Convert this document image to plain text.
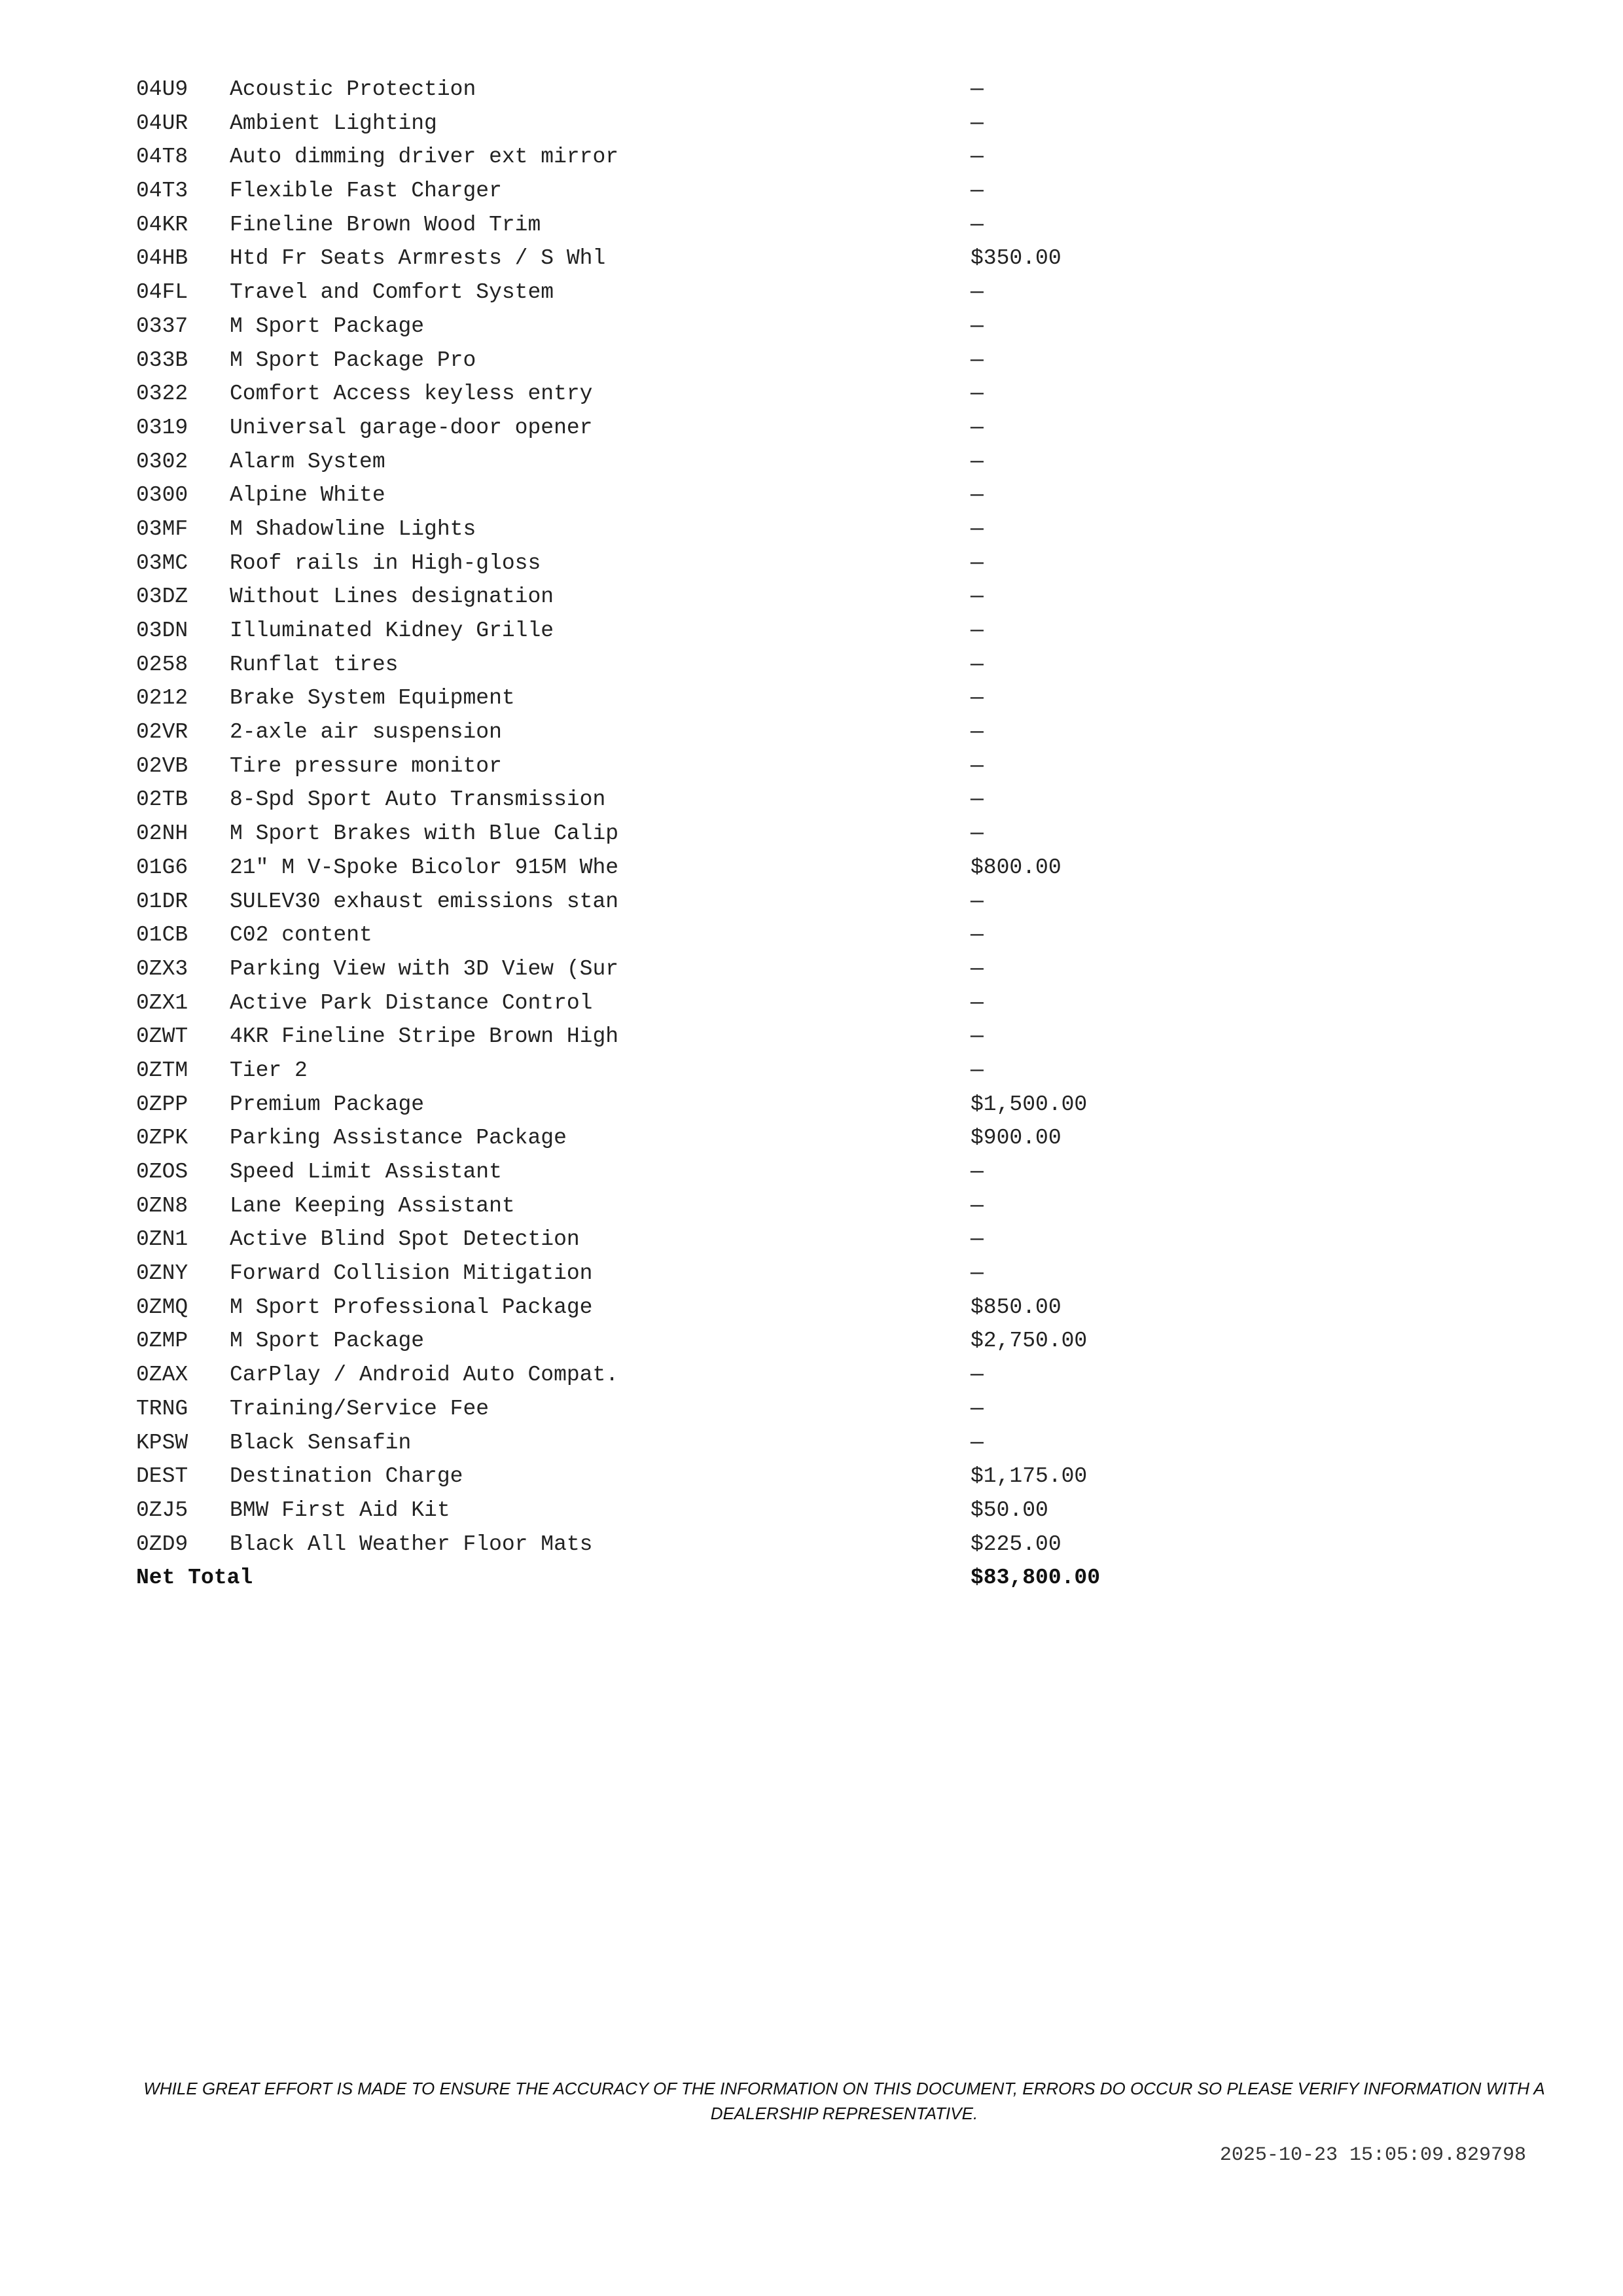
04U9 Acoustic Protection	—
04UR Ambient Lighting	—
04T8 Auto dimming driver ext mirror	—
04T3 Flexible Fast Charger	—
04KR Fineline Brown Wood Trim	—
04HB Htd Fr Seats Armrests / S Whl	$350.00
04FL Travel and Comfort System	—
0337 M Sport Package	—
033B M Sport Package Pro	—
0322 Comfort Access keyless entry	—
0319 Universal garage-door opener	—
0302 Alarm System	—
0300 Alpine White	—
03MF M Shadowline Lights	—
03MC Roof rails in High-gloss	—
03DZ Without Lines designation	—
03DN Illuminated Kidney Grille	—
0258 Runflat tires	—
0212 Brake System Equipment	—
02VR 2-axle air suspension	—
02VB Tire pressure monitor	—
02TB 8-Spd Sport Auto Transmission	—
02NH M Sport Brakes with Blue Calip	—
01G6 21" M V-Spoke Bicolor 915M Whe	$800.00
01DR SULEV30 exhaust emissions stan	—
01CB C02 content	—
0ZX3 Parking View with 3D View (Sur	—
0ZX1 Active Park Distance Control	—
0ZWT 4KR Fineline Stripe Brown High	—
0ZTM Tier 2	—
0ZPP Premium Package	$1,500.00
0ZPK Parking Assistance Package	$900.00
0ZOS Speed Limit Assistant	—
0ZN8 Lane Keeping Assistant	—
0ZN1 Active Blind Spot Detection	—
0ZNY Forward Collision Mitigation	—
0ZMQ M Sport Professional Package	$850.00
0ZMP M Sport Package	$2,750.00
0ZAX CarPlay / Android Auto Compat.	—
TRNG Training/Service Fee	—
KPSW Black Sensafin	—
DEST Destination Charge	$1,175.00
0ZJ5 BMW First Aid Kit	$50.00
0ZD9 Black All Weather Floor Mats	$225.00
Net Total	$83,800.00
WHILE GREAT EFFORT IS MADE TO ENSURE THE ACCURACY OF THE INFORMATION ON THIS DOCUMENT, ERRORS DO OCCUR SO PLEASE VERIFY INFORMATION WITH A DEALERSHIP REPRESENTATIVE.
2025-10-23 15:05:09.829798
